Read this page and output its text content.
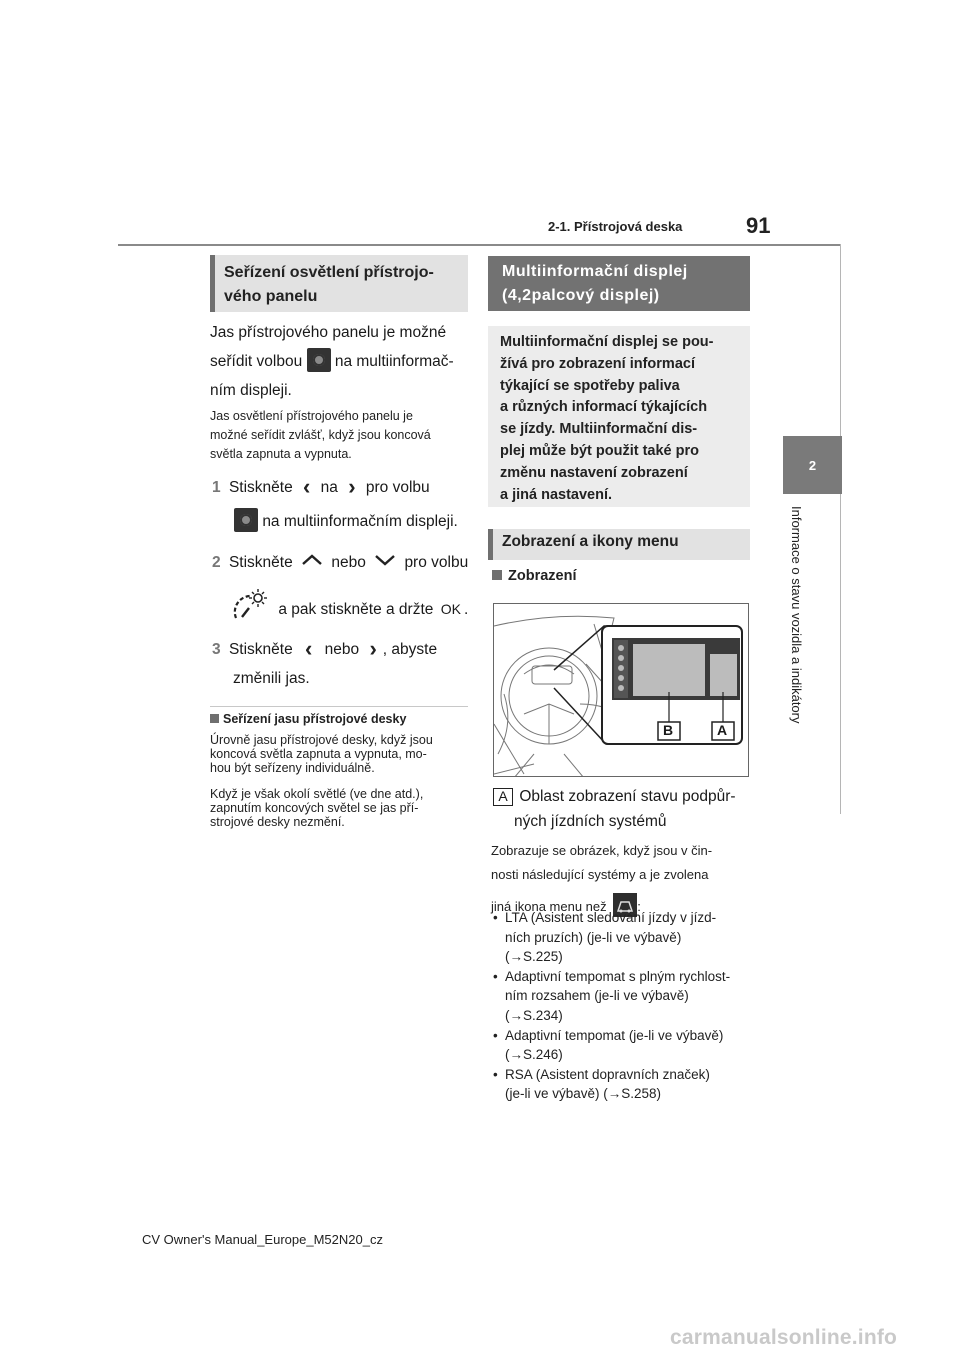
2-1. Přístrojová deska	91
2
Informace o stavu vozidla a indikátory
Seřízení osvětlení přístrojo-
vého panelu
Jas přístrojového panelu je možné
seřídit volbou na multiinformač-
ním displeji.
Jas osvětlení přístrojového panelu je
možné seřídit zvlášť, když jsou koncová
světla zapnuta a vypnuta.
1 Stiskněte ‹ na › pro volbu
na multiinformačním displeji.
2 Stiskněte nebo pro volbu
a pak stiskněte a držte OK .
3 Stiskněte ‹ nebo › , abyste
změnili jas.
Seřízení jasu přístrojové desky
Úrovně jasu přístrojové desky, když jsou
koncová světla zapnuta a vypnuta, mo-
hou být seřízeny individuálně.
Když je však okolí světlé (ve dne atd.),
zapnutím koncových světel se jas pří-
strojové desky nezmění.
Multiinformační displej
(4,2palcový displej)
Multiinformační displej se pou-
žívá pro zobrazení informací
týkající se spotřeby paliva
a různých informací týkajících
se jízdy. Multiinformační dis-
plej může být použit také pro
změnu nastavení zobrazení
a jiná nastavení.
Zobrazení a ikony menu
Zobrazení
B	A
A Oblast zobrazení stavu podpůr-
ných jízdních systémů
Zobrazuje se obrázek, když jsou v čin-
nosti následující systémy a je zvolena
jiná ikona menu než :
• LTA (Asistent sledování jízdy v jízd-
ních pruzích) (je-li ve výbavě)
(→S.225)
• Adaptivní tempomat s plným rychlost-
ním rozsahem (je-li ve výbavě)
(→S.234)
• Adaptivní tempomat (je-li ve výbavě)
(→S.246)
• RSA (Asistent dopravních značek)
(je-li ve výbavě) (→S.258)
CV Owner's Manual_Europe_M52N20_cz
carmanualsonline.info
